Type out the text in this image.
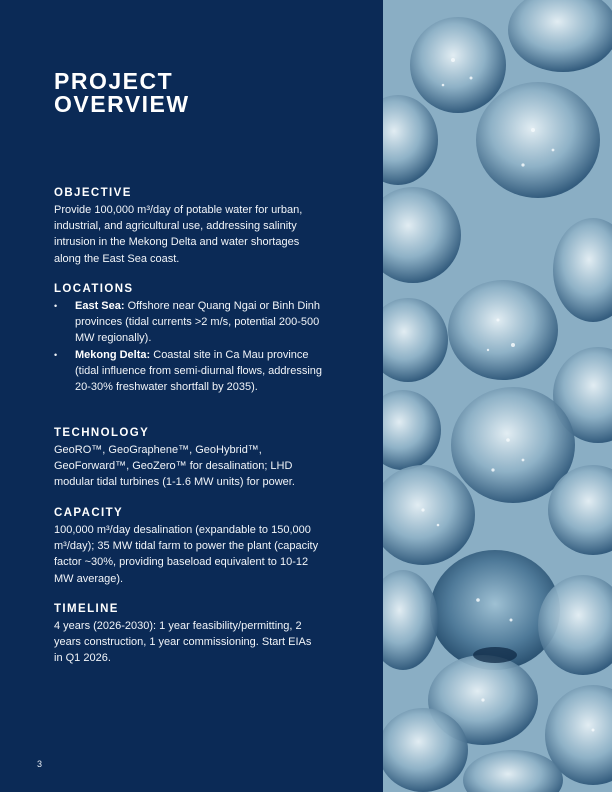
PROJECT
OVERVIEW
OBJECTIVE

Provide 100,000 m³/day of potable water for urban, industrial, and agricultural use, addressing salinity intrusion in the Mekong Delta and water shortages along the East Sea coast.

LOCATIONS
• East Sea: Offshore near Quang Ngai or Binh Dinh provinces (tidal currents >2 m/s, potential 200-500 MW regionally).
• Mekong Delta: Coastal site in Ca Mau province (tidal influence from semi-diurnal flows, addressing 20-30% freshwater shortfall by 2035).
TECHNOLOGY

GeoRO™, GeoGraphene™, GeoHybrid™, GeoForward™, GeoZero™ for desalination; LHD modular tidal turbines (1-1.6 MW units) for power.

CAPACITY

100,000 m³/day desalination (expandable to 150,000 m³/day); 35 MW tidal farm to power the plant (capacity factor ~30%, providing baseload equivalent to 10-12 MW average).

TIMELINE

4 years (2026-2030): 1 year feasibility/permitting, 2 years construction, 1 year commissioning. Start EIAs in Q1 2026.

3
